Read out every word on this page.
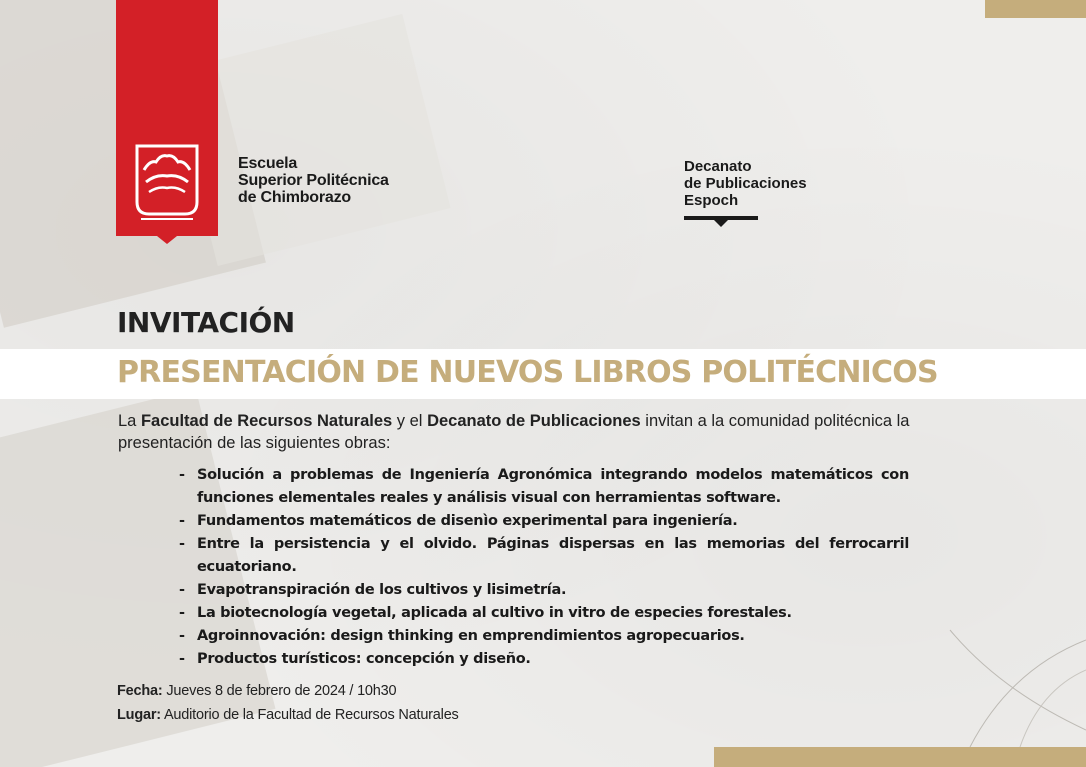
Escuela
Superior Politécnica
de Chimborazo
Decanato
de Publicaciones
Espoch
INVITACIÓN
PRESENTACIÓN DE NUEVOS LIBROS POLITÉCNICOS

La Facultad de Recursos Naturales y el Decanato de Publicaciones invitan a la comunidad politécnica la presentación de las siguientes obras:

- Solución a problemas de Ingeniería Agronómica integrando modelos matemáticos con funciones elementales reales y análisis visual con herramientas software.
- Fundamentos matemáticos de disenìo experimental para ingeniería.
- Entre la persistencia y el olvido. Páginas dispersas en las memorias del ferrocarril ecuatoriano.
- Evapotranspiración de los cultivos y lisimetría.
- La biotecnología vegetal, aplicada al cultivo in vitro de especies forestales.
- Agroinnovación: design thinking en emprendimientos agropecuarios.
- Productos turísticos: concepción y diseño.
Fecha: Jueves 8 de febrero de 2024 / 10h30
Lugar: Auditorio de la Facultad de Recursos Naturales
